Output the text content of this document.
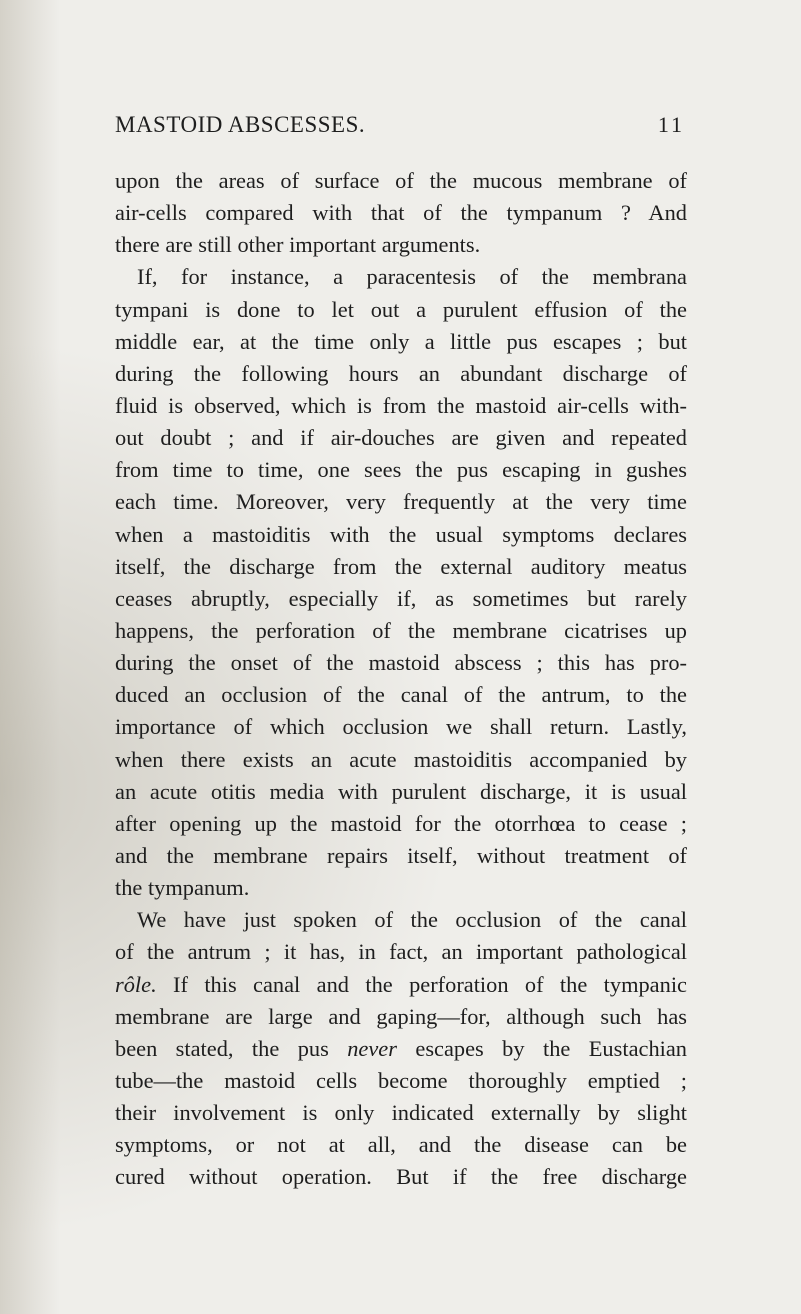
MASTOID ABSCESSES.	11
upon the areas of surface of the mucous membrane of
air-cells compared with that of the tympanum ? And
there are still other important arguments.
If, for instance, a paracentesis of the membrana
tympani is done to let out a purulent effusion of the
middle ear, at the time only a little pus escapes ; but
during the following hours an abundant discharge of
fluid is observed, which is from the mastoid air-cells with-
out doubt ; and if air-douches are given and repeated
from time to time, one sees the pus escaping in gushes
each time. Moreover, very frequently at the very time
when a mastoiditis with the usual symptoms declares
itself, the discharge from the external auditory meatus
ceases abruptly, especially if, as sometimes but rarely
happens, the perforation of the membrane cicatrises up
during the onset of the mastoid abscess ; this has pro-
duced an occlusion of the canal of the antrum, to the
importance of which occlusion we shall return. Lastly,
when there exists an acute mastoiditis accompanied by
an acute otitis media with purulent discharge, it is usual
after opening up the mastoid for the otorrhœa to cease ;
and the membrane repairs itself, without treatment of
the tympanum.
We have just spoken of the occlusion of the canal
of the antrum ; it has, in fact, an important pathological
rôle. If this canal and the perforation of the tympanic
membrane are large and gaping—for, although such has
been stated, the pus never escapes by the Eustachian
tube—the mastoid cells become thoroughly emptied ;
their involvement is only indicated externally by slight
symptoms, or not at all, and the disease can be
cured without operation. But if the free discharge
